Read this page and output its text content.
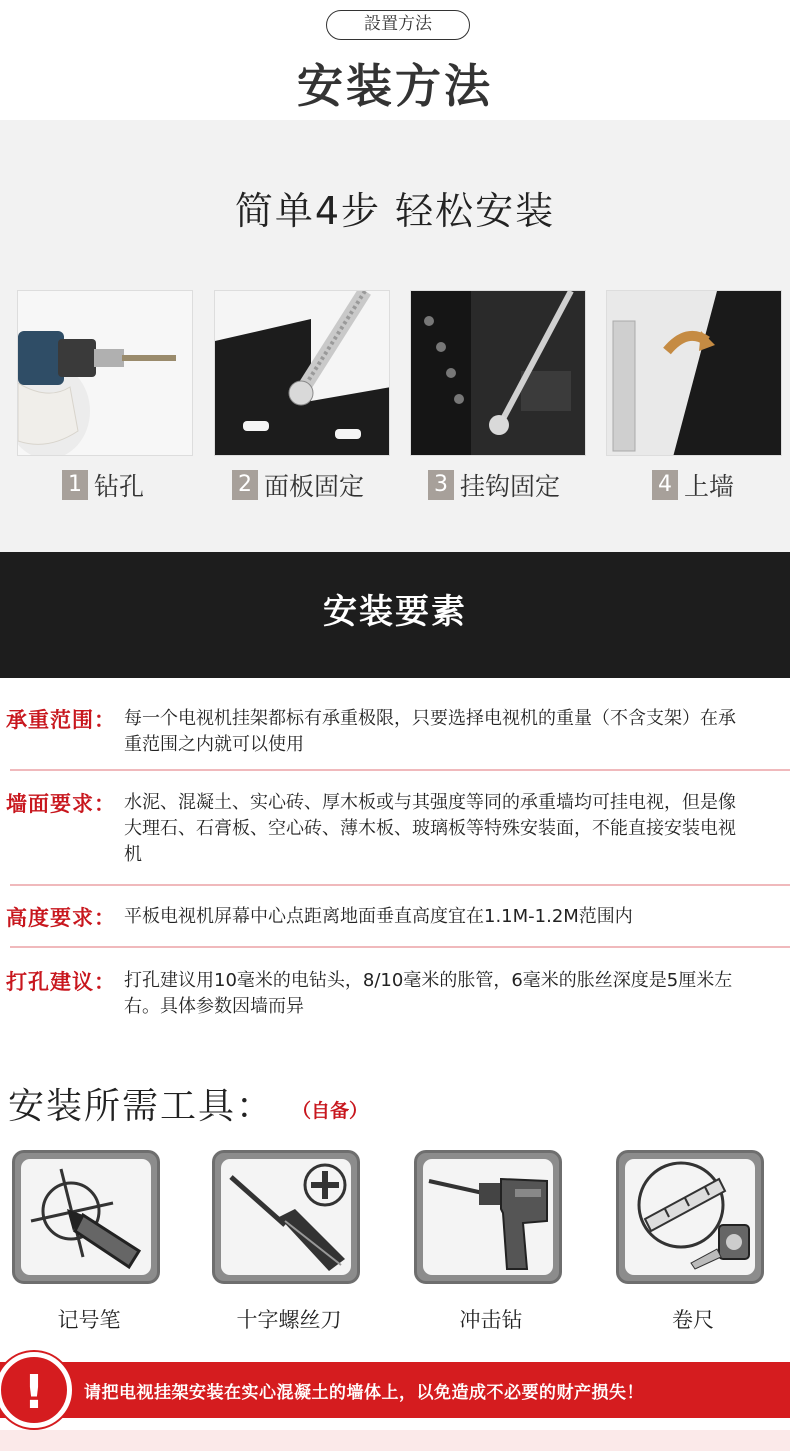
設置方法
安装方法
简单4步 轻松安装
1 钻孔	2 面板固定	3 挂钩固定	4 上墙
安装要素
承重范围： 每一个电视机挂架都标有承重极限，只要选择电视机的重量（不含支架）在承重范围之内就可以使用
墙面要求： 水泥、混凝土、实心砖、厚木板或与其强度等同的承重墙均可挂电视，但是像大理石、石膏板、空心砖、薄木板、玻璃板等特殊安装面，不能直接安装电视机
高度要求： 平板电视机屏幕中心点距离地面垂直高度宜在1.1M-1.2M范围内
打孔建议： 打孔建议用10毫米的电钻头，8/10毫米的胀管，6毫米的胀丝深度是5厘米左右。具体参数因墙而异
安装所需工具： （自备）
记号笔	十字螺丝刀	冲击钻	卷尺
请把电视挂架安装在实心混凝土的墙体上，以免造成不必要的财产损失！
!
